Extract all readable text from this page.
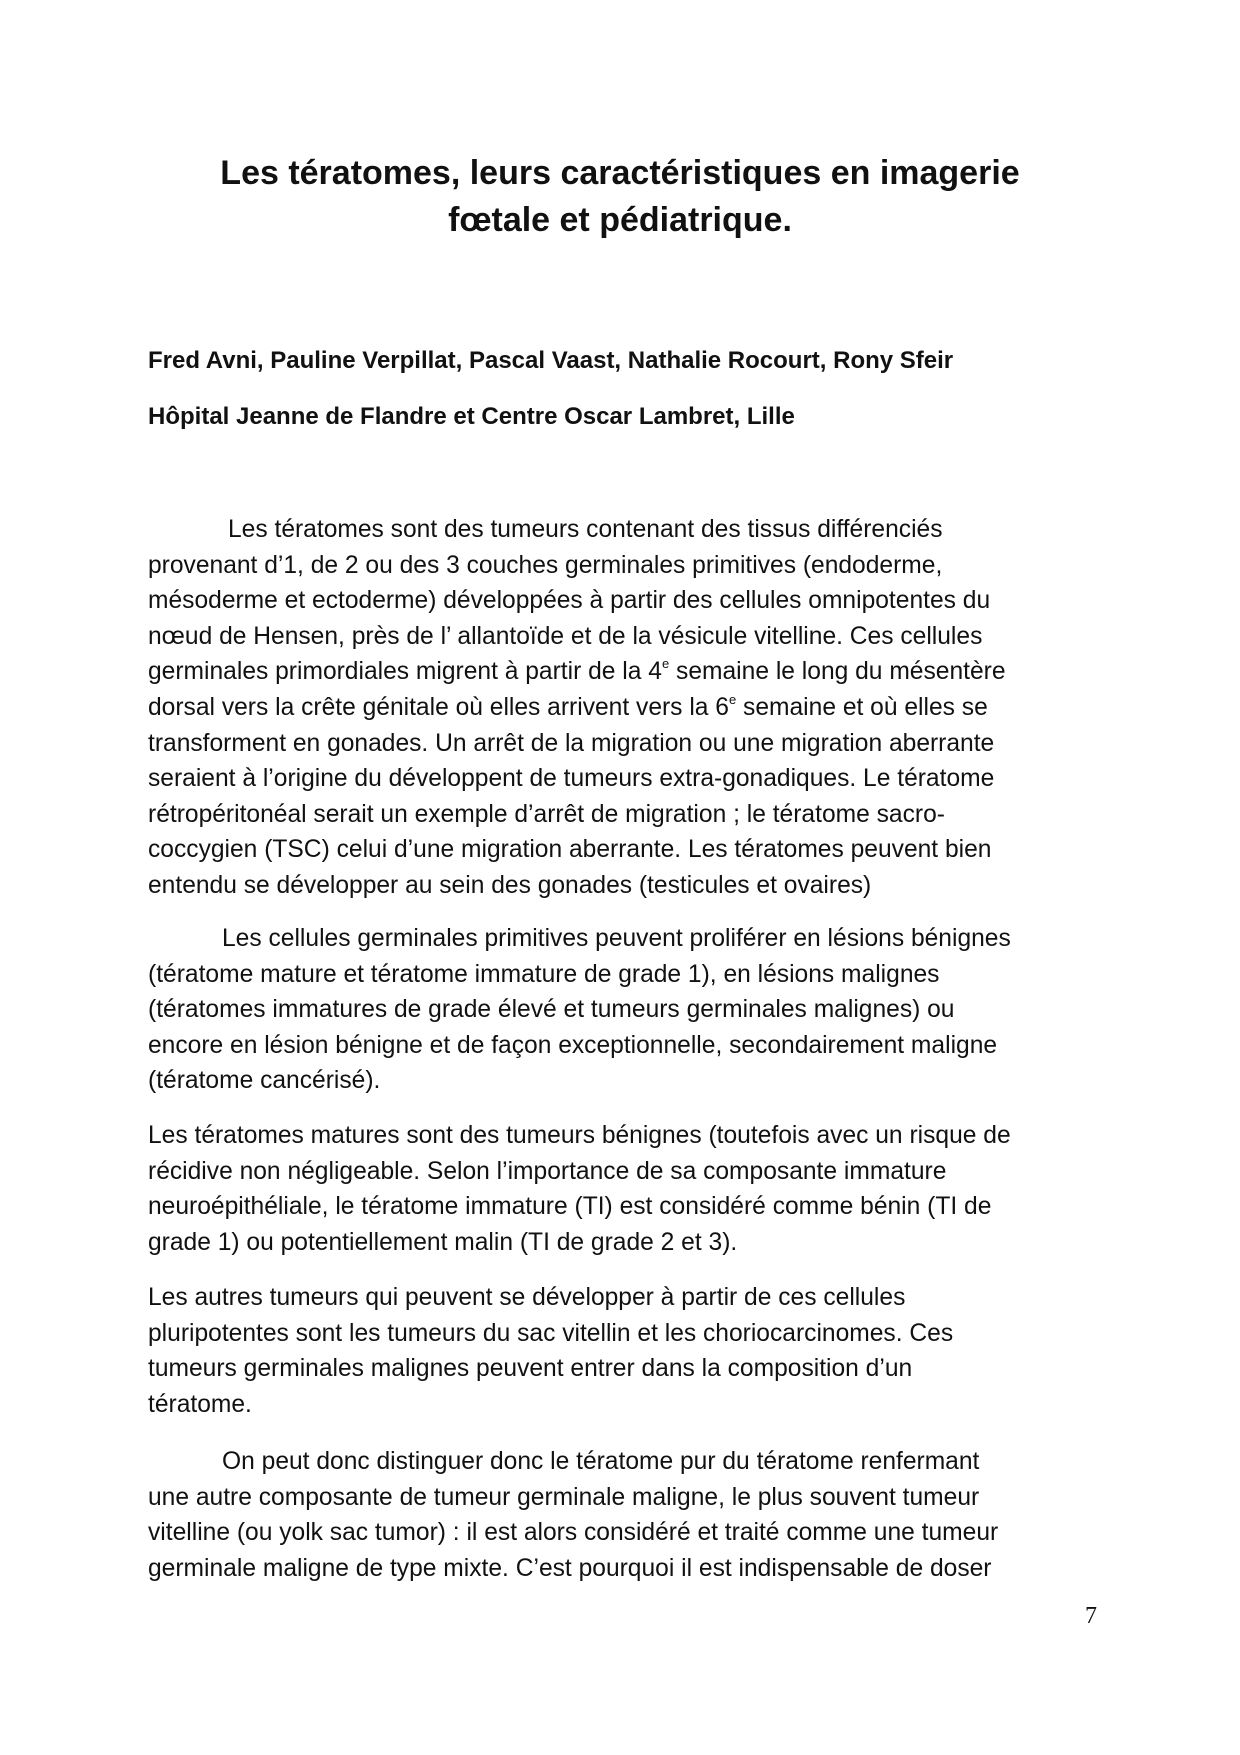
Les tératomes, leurs caractéristiques en imagerie
fœtale et pédiatrique.

Fred Avni, Pauline Verpillat, Pascal Vaast, Nathalie Rocourt, Rony Sfeir

Hôpital Jeanne de Flandre et Centre Oscar Lambret, Lille

Les tératomes sont des tumeurs contenant des tissus différenciés
provenant d’1, de 2 ou des 3 couches germinales primitives (endoderme,
mésoderme et ectoderme) développées à partir des cellules omnipotentes du
nœud de Hensen, près de l’ allantoïde et de la vésicule vitelline. Ces cellules
germinales primordiales migrent à partir de la 4e semaine le long du mésentère
dorsal vers la crête génitale où elles arrivent vers la 6e semaine et où elles se
transforment en gonades. Un arrêt de la migration ou une migration aberrante
seraient à l’origine du développent de tumeurs extra-gonadiques. Le tératome
rétropéritonéal serait un exemple d’arrêt de migration ; le tératome sacro-
coccygien (TSC) celui d’une migration aberrante. Les tératomes peuvent bien
entendu se développer au sein des gonades (testicules et ovaires)

Les cellules germinales primitives peuvent proliférer en lésions bénignes
(tératome mature et tératome immature de grade 1), en lésions malignes
(tératomes immatures de grade élevé et tumeurs germinales malignes) ou
encore en lésion bénigne et de façon exceptionnelle, secondairement maligne
(tératome cancérisé).

Les tératomes matures sont des tumeurs bénignes (toutefois avec un risque de
récidive non négligeable. Selon l’importance de sa composante immature
neuroépithéliale, le tératome immature (TI) est considéré comme bénin (TI de
grade 1) ou potentiellement malin (TI de grade 2 et 3).

Les autres tumeurs qui peuvent se développer à partir de ces cellules
pluripotentes sont les tumeurs du sac vitellin et les choriocarcinomes. Ces
tumeurs germinales malignes peuvent entrer dans la composition d’un
tératome.

On peut donc distinguer donc le tératome pur du tératome renfermant
une autre composante de tumeur germinale maligne, le plus souvent tumeur
vitelline (ou yolk sac tumor) : il est alors considéré et traité comme une tumeur
germinale maligne de type mixte. C’est pourquoi il est indispensable de doser

7
